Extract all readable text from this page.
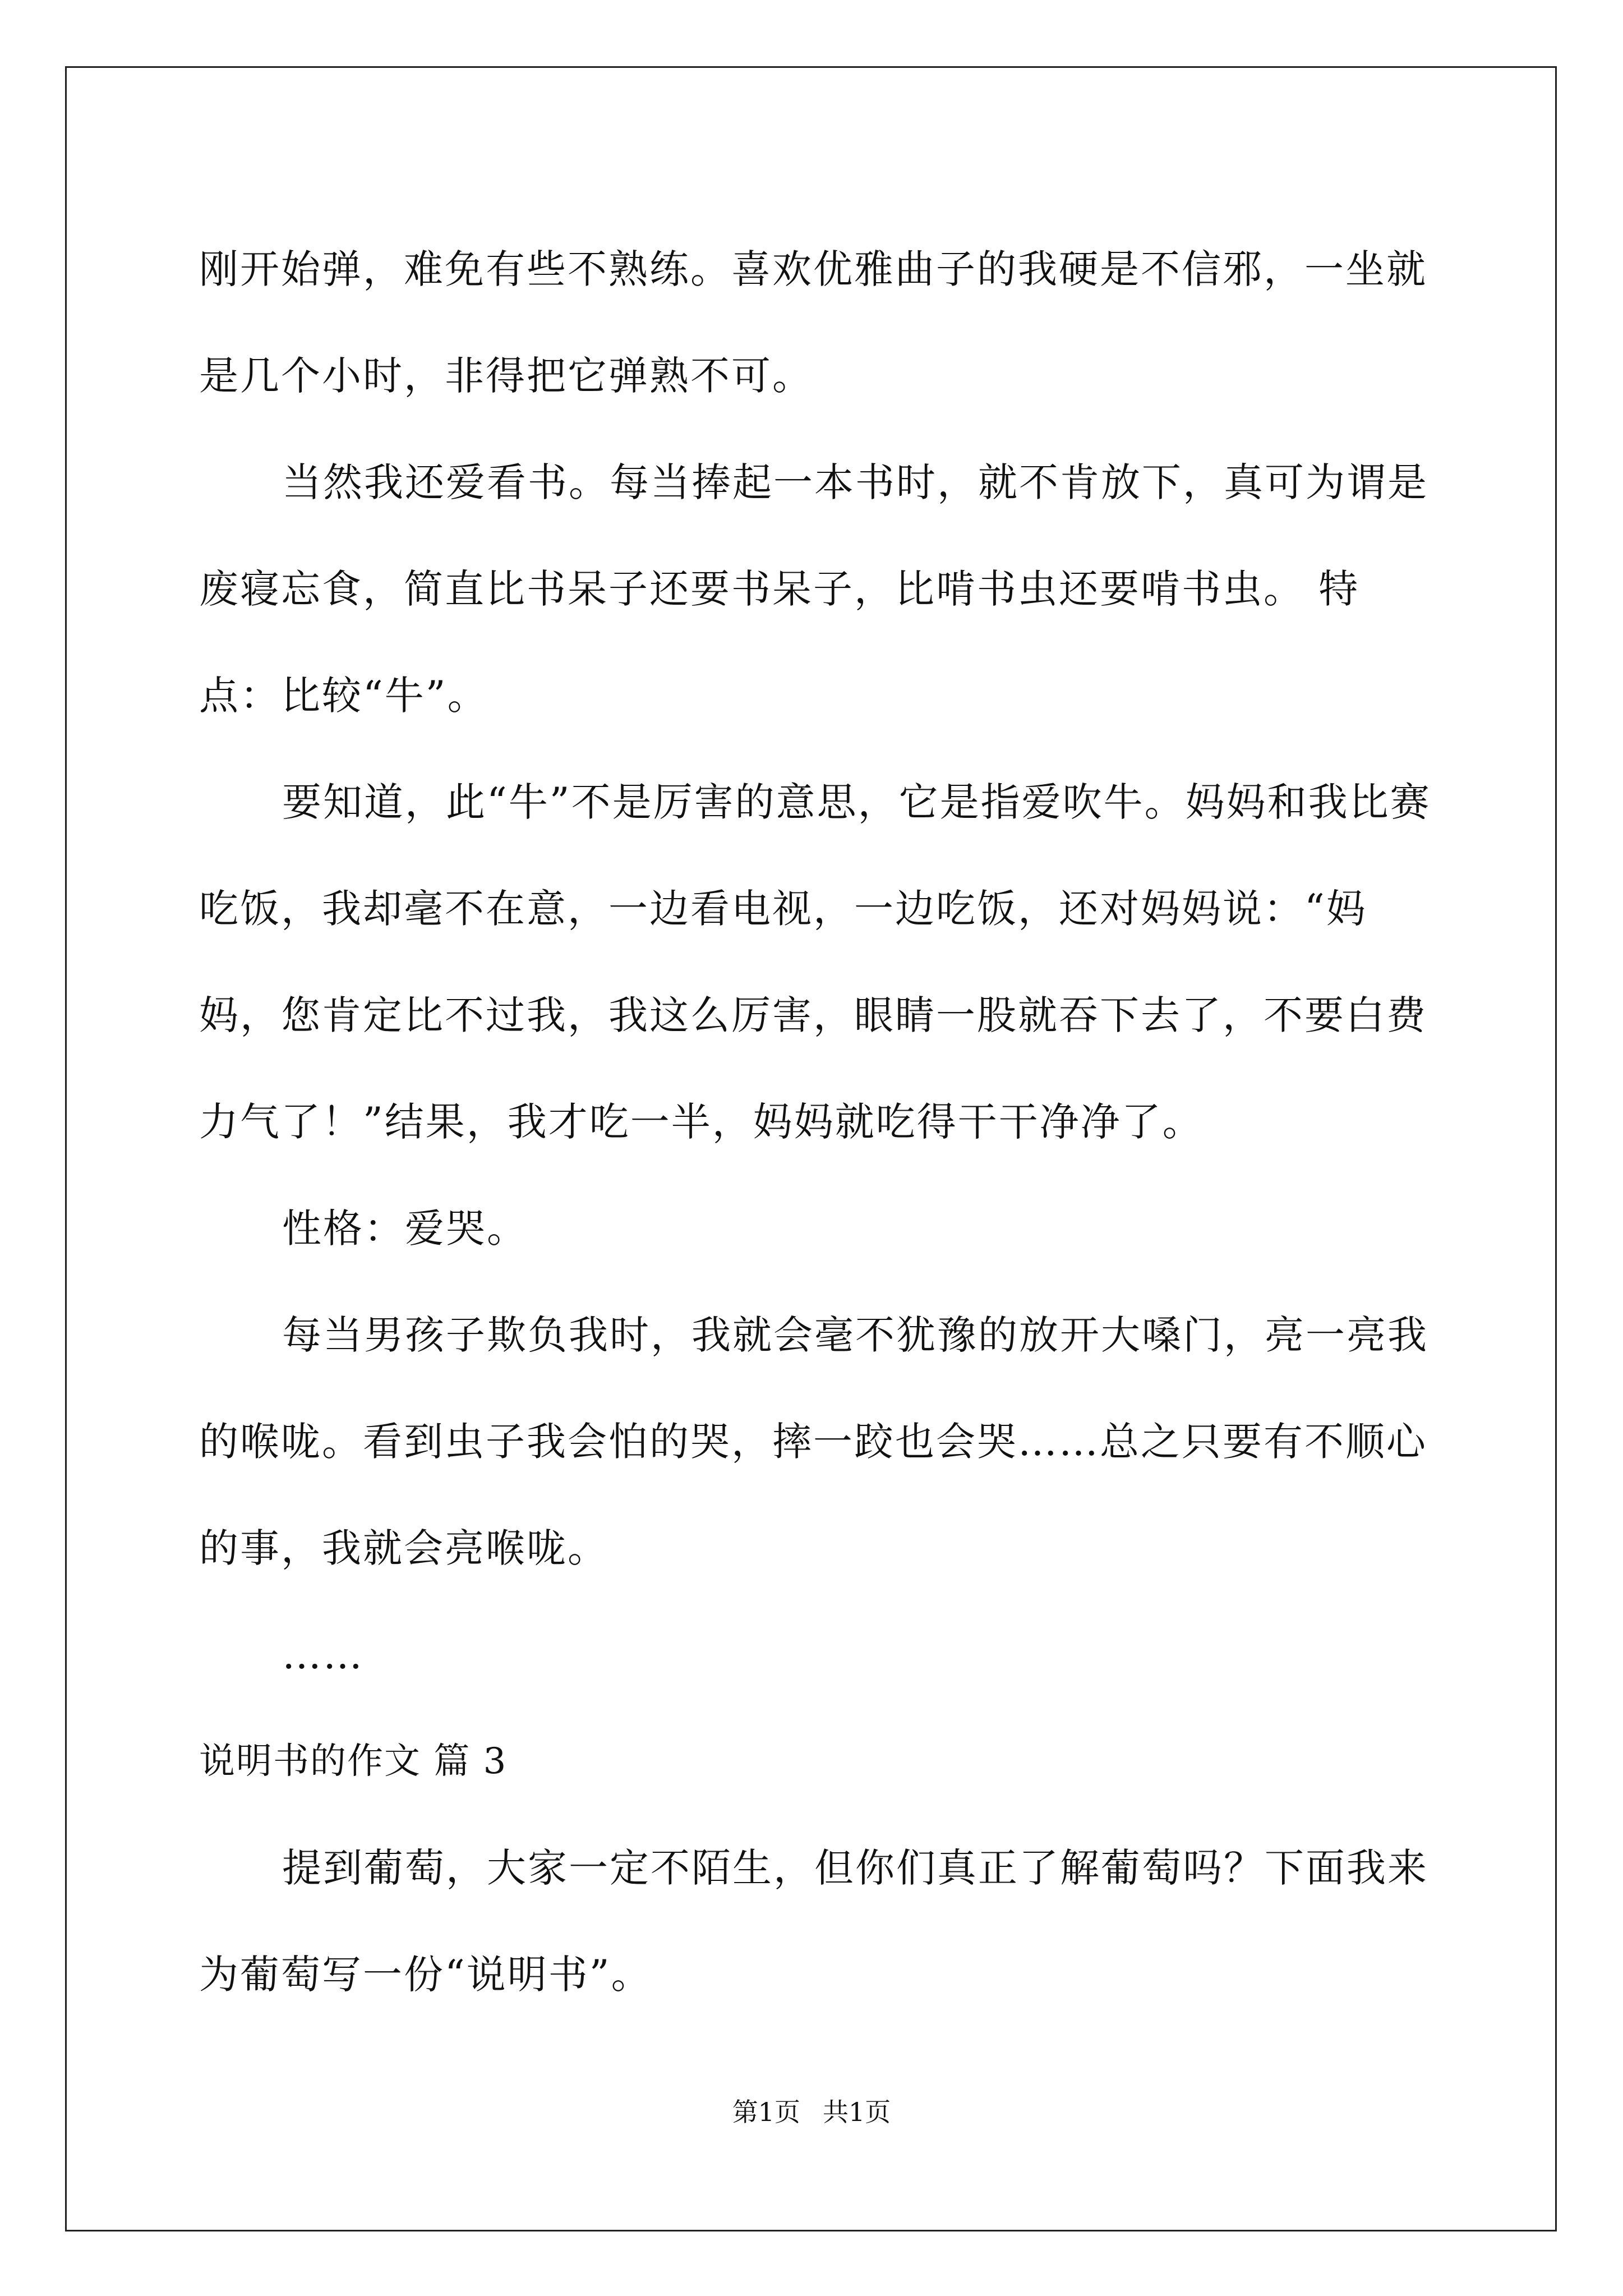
刚开始弹，难免有些不熟练。喜欢优雅曲子的我硬是不信邪，一坐就是几个小时，非得把它弹熟不可。

当然我还爱看书。每当捧起一本书时，就不肯放下，真可为谓是废寝忘食，简直比书呆子还要书呆子，比啃书虫还要啃书虫。 特点：比较“牛”。

要知道，此“牛”不是厉害的意思，它是指爱吹牛。妈妈和我比赛吃饭，我却毫不在意，一边看电视，一边吃饭，还对妈妈说：“妈妈，您肯定比不过我，我这么厉害，眼睛一股就吞下去了，不要白费力气了！”结果，我才吃一半，妈妈就吃得干干净净了。

性格：爱哭。

每当男孩子欺负我时，我就会毫不犹豫的放开大嗓门，亮一亮我的喉咙。看到虫子我会怕的哭，摔一跤也会哭……总之只要有不顺心的事，我就会亮喉咙。

……

说明书的作文 篇 3

提到葡萄，大家一定不陌生，但你们真正了解葡萄吗？下面我来为葡萄写一份“说明书”。

第1页 共1页
